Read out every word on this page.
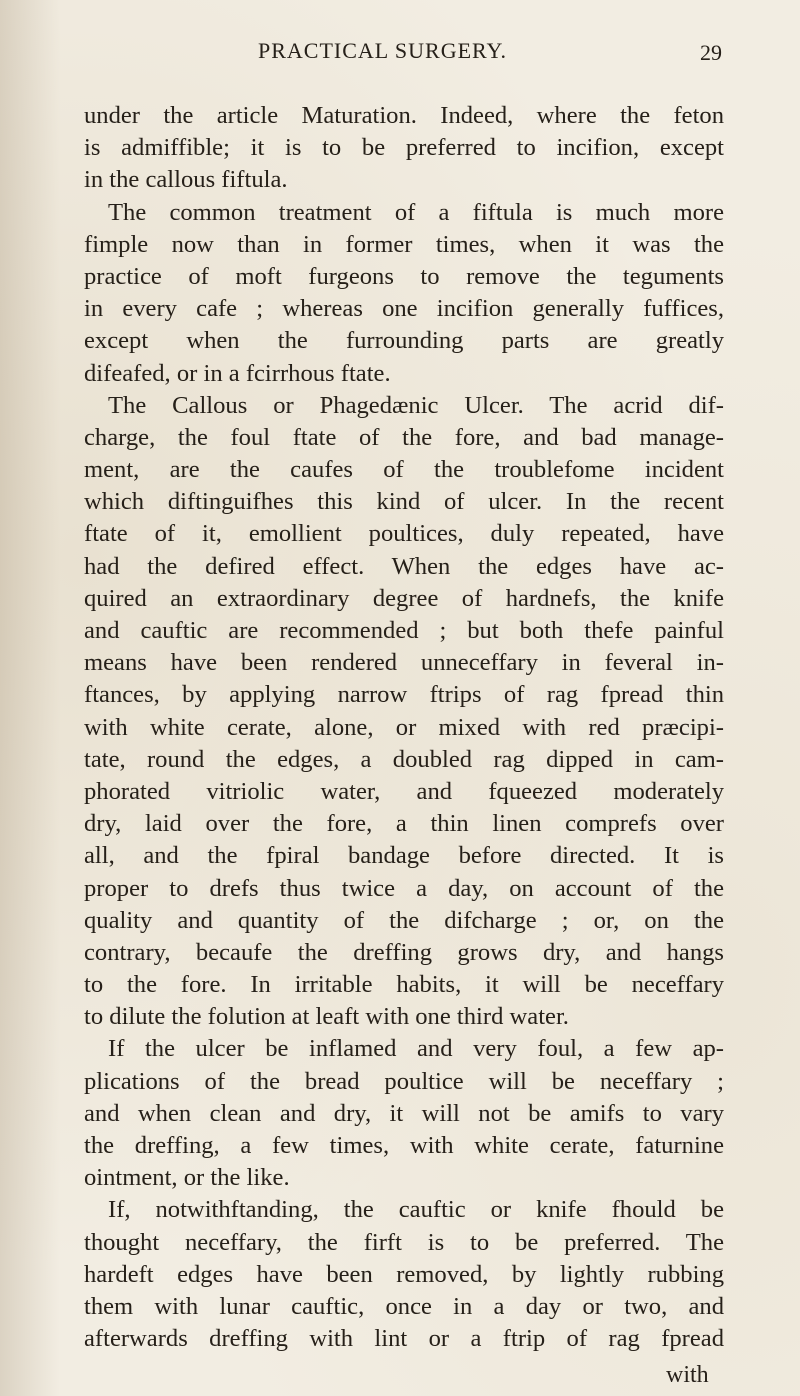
PRACTICAL SURGERY.	29
under the article Maturation. Indeed, where the feton
is admiffible; it is to be preferred to incifion, except
in the callous fiftula.
The common treatment of a fiftula is much more
fimple now than in former times, when it was the
practice of moft furgeons to remove the teguments
in every cafe ; whereas one incifion generally fuffices,
except when the furrounding parts are greatly
difeafed, or in a fcirrhous ftate.
The Callous or Phagedænic Ulcer. The acrid dif-
charge, the foul ftate of the fore, and bad manage-
ment, are the caufes of the troublefome incident
which diftinguifhes this kind of ulcer. In the recent
ftate of it, emollient poultices, duly repeated, have
had the defired effect. When the edges have ac-
quired an extraordinary degree of hardnefs, the knife
and cauftic are recommended ; but both thefe painful
means have been rendered unneceffary in feveral in-
ftances, by applying narrow ftrips of rag fpread thin
with white cerate, alone, or mixed with red præcipi-
tate, round the edges, a doubled rag dipped in cam-
phorated vitriolic water, and fqueezed moderately
dry, laid over the fore, a thin linen comprefs over
all, and the fpiral bandage before directed. It is
proper to drefs thus twice a day, on account of the
quality and quantity of the difcharge ; or, on the
contrary, becaufe the dreffing grows dry, and hangs
to the fore. In irritable habits, it will be neceffary
to dilute the folution at leaft with one third water.
If the ulcer be inflamed and very foul, a few ap-
plications of the bread poultice will be neceffary ;
and when clean and dry, it will not be amifs to vary
the dreffing, a few times, with white cerate, faturnine
ointment, or the like.
If, notwithftanding, the cauftic or knife fhould be
thought neceffary, the firft is to be preferred. The
hardeft edges have been removed, by lightly rubbing
them with lunar cauftic, once in a day or two, and
afterwards dreffing with lint or a ftrip of rag fpread
with
